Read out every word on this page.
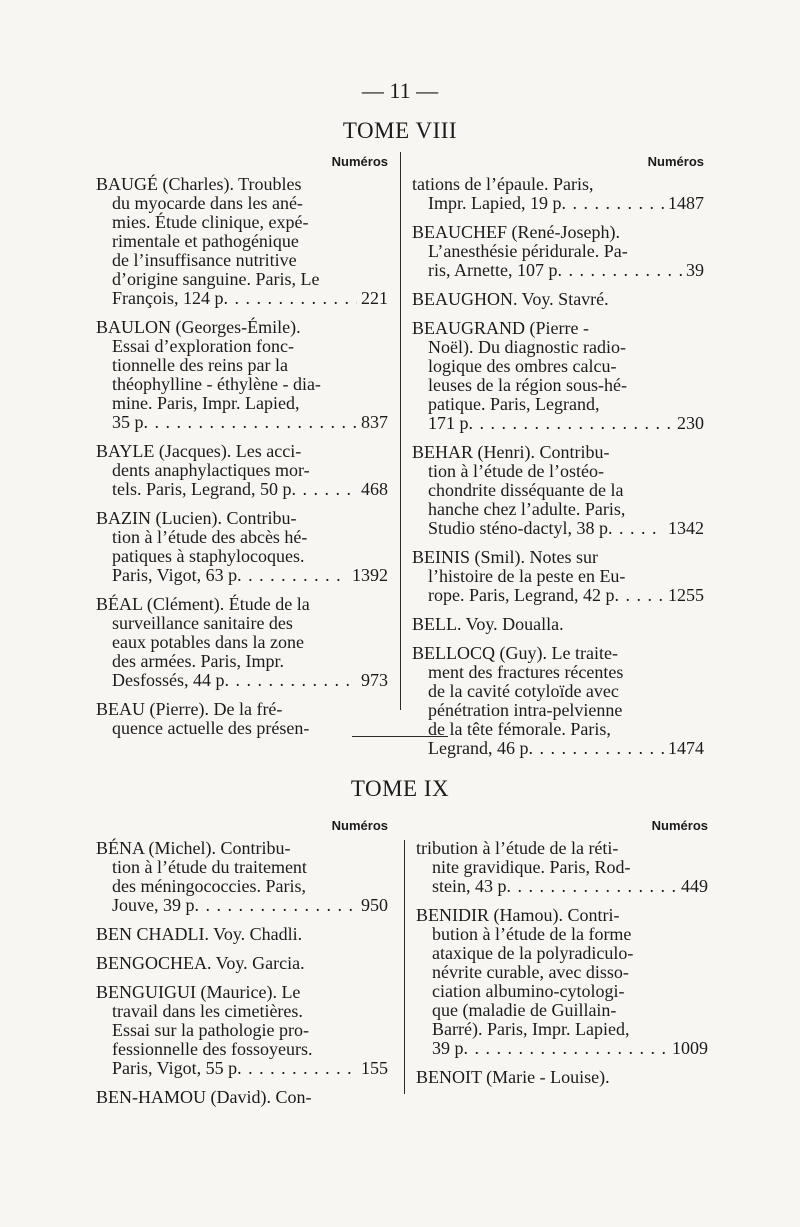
— 11 —
TOME VIII
Numéros
BAUGÉ (Charles). Troubles
du myocarde dans les ané-
mies. Étude clinique, expé-
rimentale et pathogénique
de l’insuffisance nutritive
d’origine sanguine. Paris, Le
François, 124 p . . .	221
BAULON (Georges-Émile).
Essai d’exploration fonc-
tionnelle des reins par la
théophylline - éthylène - dia-
mine. Paris, Impr. Lapied,
35 p . . .	837
BAYLE (Jacques). Les acci-
dents anaphylactiques mor-
tels. Paris, Legrand, 50 p . . .	468
BAZIN (Lucien). Contribu-
tion à l’étude des abcès hé-
patiques à staphylocoques.
Paris, Vigot, 63 p . . .	1392
BÉAL (Clément). Étude de la
surveillance sanitaire des
eaux potables dans la zone
des armées. Paris, Impr.
Desfossés, 44 p . . .	973
BEAU (Pierre). De la fré-
quence actuelle des présen-
Numéros
tations de l’épaule. Paris,
Impr. Lapied, 19 p . . .	1487
BEAUCHEF (René-Joseph).
L’anesthésie péridurale. Pa-
ris, Arnette, 107 p . . .	39
BEAUGHON. Voy. Stavré.
BEAUGRAND (Pierre -
Noël). Du diagnostic radio-
logique des ombres calcu-
leuses de la région sous-hé-
patique. Paris, Legrand,
171 p . . .	230
BEHAR (Henri). Contribu-
tion à l’étude de l’ostéo-
chondrite disséquante de la
hanche chez l’adulte. Paris,
Studio sténo-dactyl, 38 p . . .	1342
BEINIS (Smil). Notes sur
l’histoire de la peste en Eu-
rope. Paris, Legrand, 42 p . . .	1255
BELL. Voy. Doualla.
BELLOCQ (Guy). Le traite-
ment des fractures récentes
de la cavité cotyloïde avec
pénétration intra-pelvienne
de la tête fémorale. Paris,
Legrand, 46 p . . .	1474
TOME IX
Numéros
BÉNA (Michel). Contribu-
tion à l’étude du traitement
des méningococcies. Paris,
Jouve, 39 p . . .	950
BEN CHADLI. Voy. Chadli.
BENGOCHEA. Voy. Garcia.
BENGUIGUI (Maurice). Le
travail dans les cimetières.
Essai sur la pathologie pro-
fessionnelle des fossoyeurs.
Paris, Vigot, 55 p . . .	155
BEN-HAMOU (David). Con-
Numéros
tribution à l’étude de la réti-
nite gravidique. Paris, Rod-
stein, 43 p . . .	449
BENIDIR (Hamou). Contri-
bution à l’étude de la forme
ataxique de la polyradiculo-
névrite curable, avec disso-
ciation albumino-cytologi-
que (maladie de Guillain-
Barré). Paris, Impr. Lapied,
39 p . . .	1009
BENOIT (Marie - Louise).
